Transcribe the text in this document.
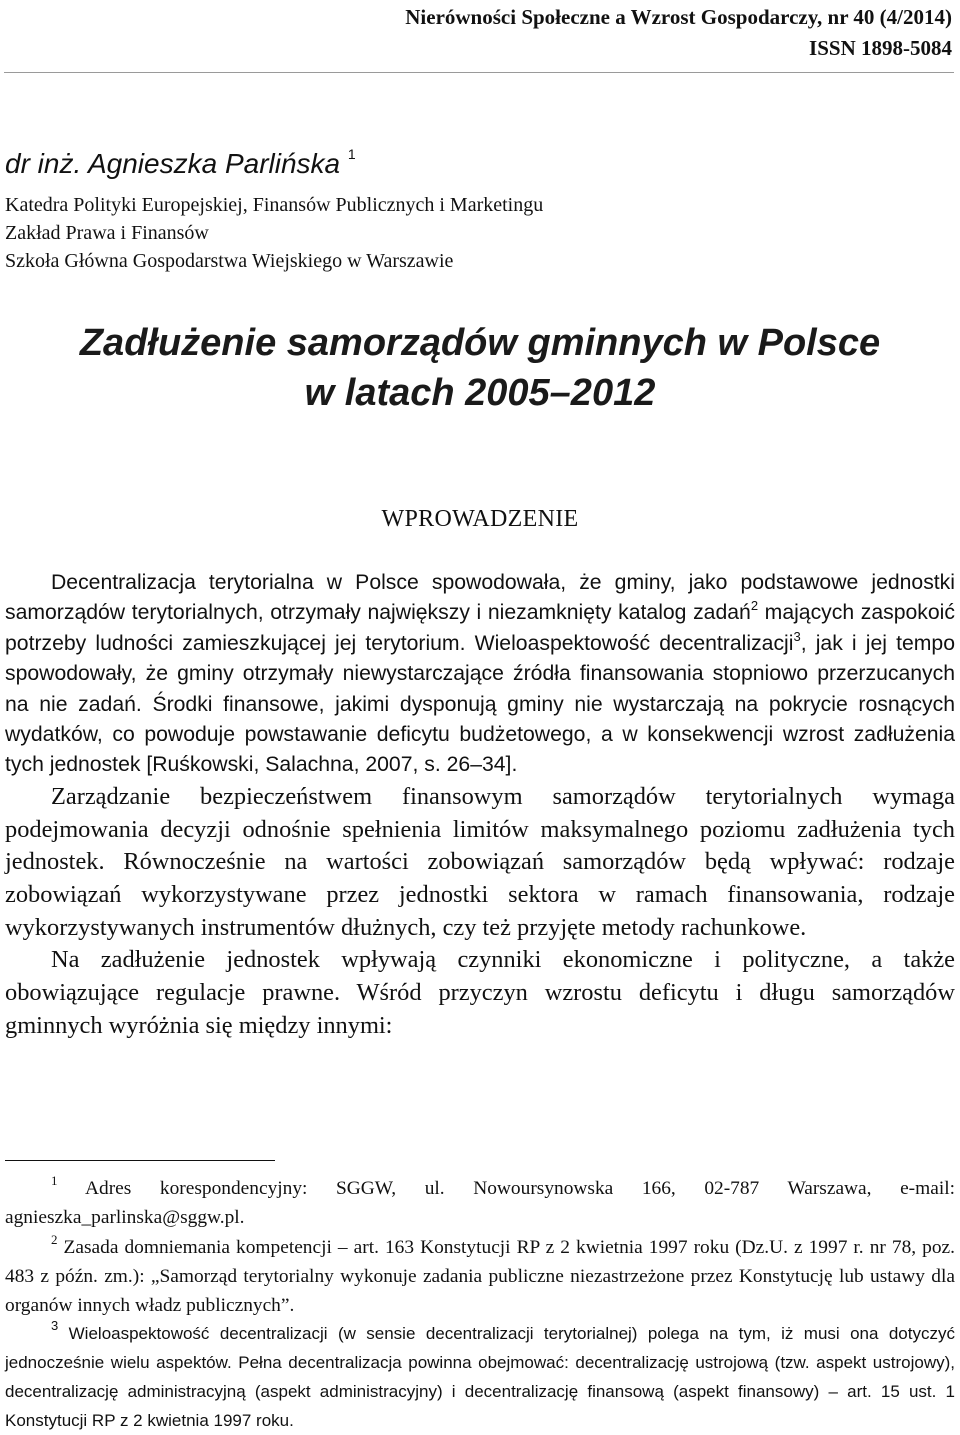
Nierówności Społeczne a Wzrost Gospodarczy, nr 40 (4/2014)
ISSN 1898-5084
dr inż. Agnieszka Parlińska $^1$
Katedra Polityki Europejskiej, Finansów Publicznych i Marketingu
Zakład Prawa i Finansów
Szkoła Główna Gospodarstwa Wiejskiego w Warszawie
Zadłużenie samorządów gminnych w Polsce
w latach 2005–2012
WPROWADZENIE

Decentralizacja terytorialna w Polsce spowodowała, że gminy, jako podstawowe jednostki samorządów terytorialnych, otrzymały największy i niezamknięty katalog zadań$^2$ mających zaspokoić potrzeby ludności zamieszkującej jej terytorium. Wieloaspektowość decentralizacji$^3$, jak i jej tempo spowodowały, że gminy otrzymały niewystarczające źródła finansowania stopniowo przerzucanych na nie zadań. Środki finansowe, jakimi dysponują gminy nie wystarczają na pokrycie rosnących wydatków, co powoduje powstawanie deficytu budżetowego, a w konsekwencji wzrost zadłużenia tych jednostek [Ruśkowski, Salachna, 2007, s. 26–34].

Zarządzanie bezpieczeństwem finansowym samorządów terytorialnych wymaga podejmowania decyzji odnośnie spełnienia limitów maksymalnego poziomu zadłużenia tych jednostek. Równocześnie na wartości zobowiązań samorządów będą wpływać: rodzaje zobowiązań wykorzystywane przez jednostki sektora w ramach finansowania, rodzaje wykorzystywanych instrumentów dłużnych, czy też przyjęte metody rachunkowe.

Na zadłużenie jednostek wpływają czynniki ekonomiczne i polityczne, a także obowiązujące regulacje prawne. Wśród przyczyn wzrostu deficytu i długu samorządów gminnych wyróżnia się między innymi:

$^1$ Adres korespondencyjny: SGGW, ul. Nowoursynowska 166, 02-787 Warszawa, e-mail: agnieszka_parlinska@sggw.pl.

$^2$ Zasada domniemania kompetencji – art. 163 Konstytucji RP z 2 kwietnia 1997 roku (Dz.U. z 1997 r. nr 78, poz. 483 z późn. zm.): „Samorząd terytorialny wykonuje zadania publiczne niezastrzeżone przez Konstytucję lub ustawy dla organów innych władz publicznych”.

$^3$ Wieloaspektowość decentralizacji (w sensie decentralizacji terytorialnej) polega na tym, iż musi ona dotyczyć jednocześnie wielu aspektów. Pełna decentralizacja powinna obejmować: decentralizację ustrojową (tzw. aspekt ustrojowy), decentralizację administracyjną (aspekt administracyjny) i decentralizację finansową (aspekt finansowy) – art. 15 ust. 1 Konstytucji RP z 2 kwietnia 1997 roku.
